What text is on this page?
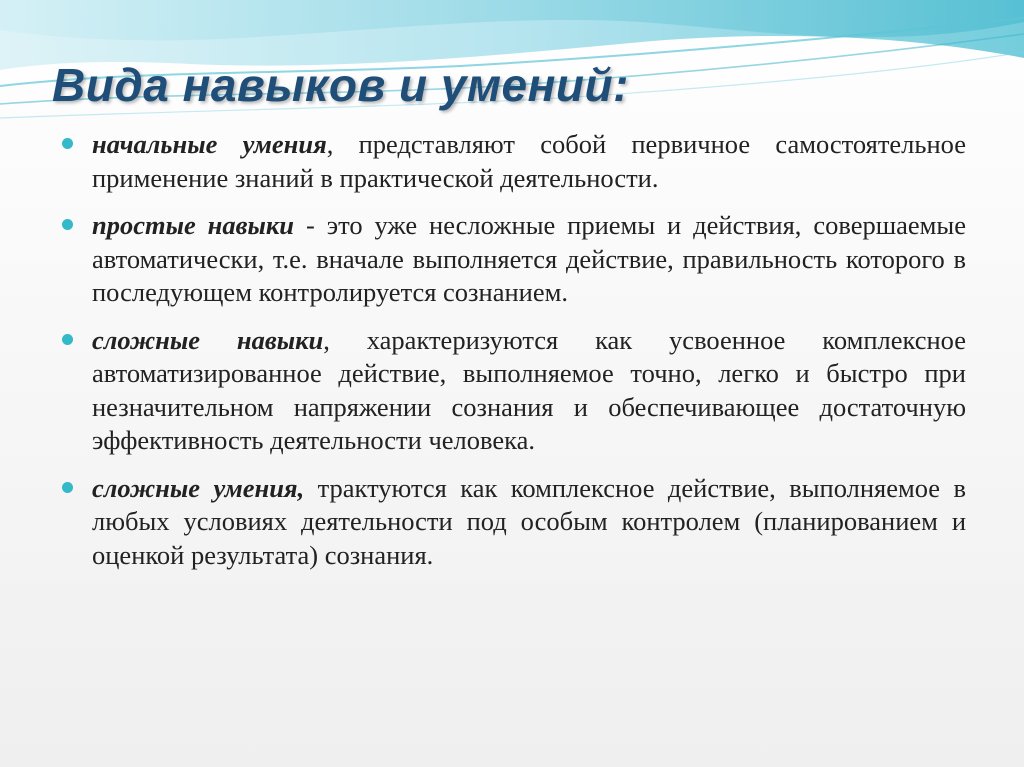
Вида навыков и умений:
начальные умения, представляют собой первичное самостоятельное применение знаний в практической деятельности.
простые навыки - это уже несложные приемы и действия, совершаемые автоматически, т.е. вначале выполняется действие, правильность которого в последующем контролируется сознанием.
сложные навыки, характеризуются как усвоенное комплексное автоматизированное действие, выполняемое точно, легко и быстро при незначительном напряжении сознания и обеспечивающее достаточную эффективность деятельности человека.
сложные умения, трактуются как комплексное действие, выполняемое в любых условиях деятельности под особым контролем (планированием и оценкой результата) сознания.
